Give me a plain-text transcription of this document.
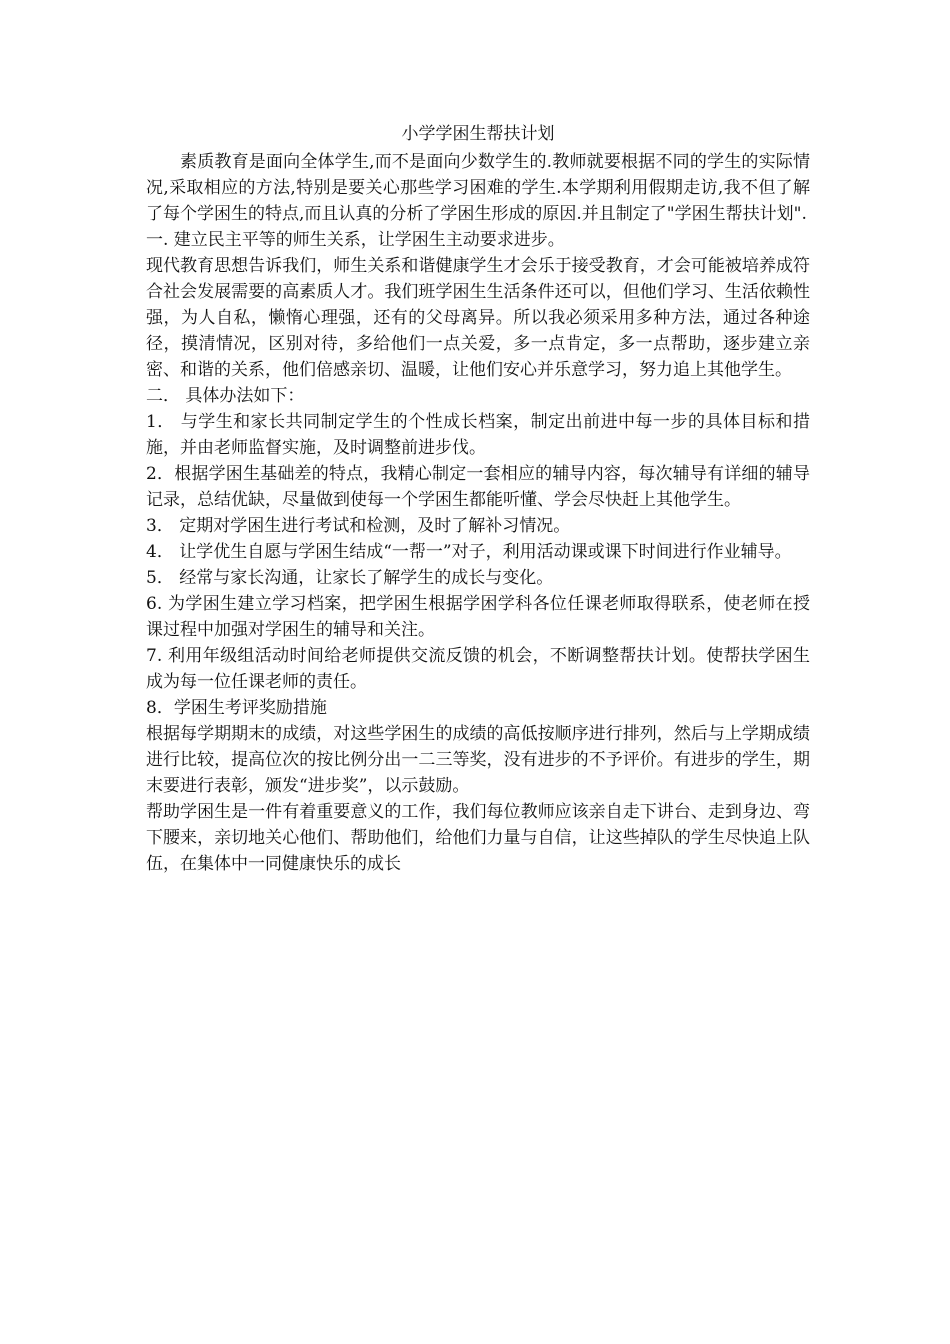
小学学困生帮扶计划

素质教育是面向全体学生,而不是面向少数学生的.教师就要根据不同的学生的实际情况,采取相应的方法,特别是要关心那些学习困难的学生.本学期利用假期走访,我不但了解了每个学困生的特点,而且认真的分析了学困生形成的原因.并且制定了"学困生帮扶计划".

一. 建立民主平等的师生关系，让学困生主动要求进步。

现代教育思想告诉我们，师生关系和谐健康学生才会乐于接受教育，才会可能被培养成符合社会发展需要的高素质人才。我们班学困生生活条件还可以，但他们学习、生活依赖性强，为人自私，懒惰心理强，还有的父母离异。所以我必须采用多种方法，通过各种途径，摸清情况，区别对待，多给他们一点关爱，多一点肯定，多一点帮助，逐步建立亲密、和谐的关系，他们倍感亲切、温暖，让他们安心并乐意学习，努力追上其他学生。

二． 具体办法如下：

1． 与学生和家长共同制定学生的个性成长档案，制定出前进中每一步的具体目标和措施，并由老师监督实施，及时调整前进步伐。

2．根据学困生基础差的特点，我精心制定一套相应的辅导内容，每次辅导有详细的辅导记录，总结优缺，尽量做到使每一个学困生都能听懂、学会尽快赶上其他学生。

3． 定期对学困生进行考试和检测，及时了解补习情况。

4． 让学优生自愿与学困生结成“一帮一”对子，利用活动课或课下时间进行作业辅导。

5． 经常与家长沟通，让家长了解学生的成长与变化。

6. 为学困生建立学习档案，把学困生根据学困学科各位任课老师取得联系，使老师在授课过程中加强对学困生的辅导和关注。

7. 利用年级组活动时间给老师提供交流反馈的机会，不断调整帮扶计划。使帮扶学困生成为每一位任课老师的责任。

8．学困生考评奖励措施

根据每学期期末的成绩，对这些学困生的成绩的高低按顺序进行排列，然后与上学期成绩进行比较，提高位次的按比例分出一二三等奖，没有进步的不予评价。有进步的学生，期末要进行表彰，颁发“进步奖”，以示鼓励。

帮助学困生是一件有着重要意义的工作，我们每位教师应该亲自走下讲台、走到身边、弯下腰来，亲切地关心他们、帮助他们，给他们力量与自信，让这些掉队的学生尽快追上队伍，在集体中一同健康快乐的成长
